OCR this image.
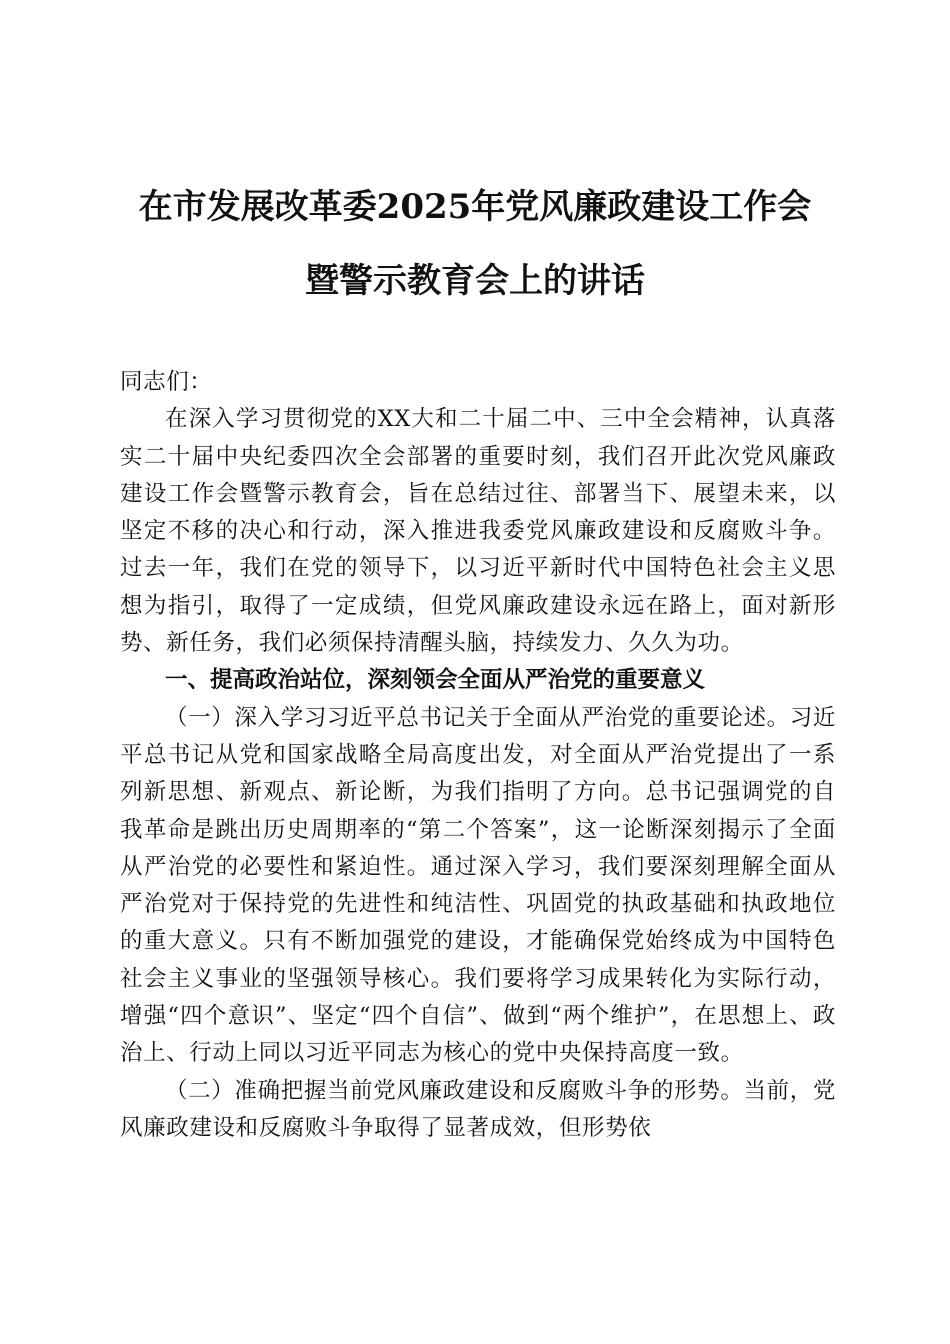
在市发展改革委2025年党风廉政建设工作会
暨警示教育会上的讲话

同志们：

在深入学习贯彻党的XX大和二十届二中、三中全会精神，认真落实二十届中央纪委四次全会部署的重要时刻，我们召开此次党风廉政建设工作会暨警示教育会，旨在总结过往、部署当下、展望未来，以坚定不移的决心和行动，深入推进我委党风廉政建设和反腐败斗争。过去一年，我们在党的领导下，以习近平新时代中国特色社会主义思想为指引，取得了一定成绩，但党风廉政建设永远在路上，面对新形势、新任务，我们必须保持清醒头脑，持续发力、久久为功。

一、提高政治站位，深刻领会全面从严治党的重要意义

（一）深入学习习近平总书记关于全面从严治党的重要论述。习近平总书记从党和国家战略全局高度出发，对全面从严治党提出了一系列新思想、新观点、新论断，为我们指明了方向。总书记强调党的自我革命是跳出历史周期率的“第二个答案”，这一论断深刻揭示了全面从严治党的必要性和紧迫性。通过深入学习，我们要深刻理解全面从严治党对于保持党的先进性和纯洁性、巩固党的执政基础和执政地位的重大意义。只有不断加强党的建设，才能确保党始终成为中国特色社会主义事业的坚强领导核心。我们要将学习成果转化为实际行动，增强“四个意识”、坚定“四个自信”、做到“两个维护”，在思想上、政治上、行动上同以习近平同志为核心的党中央保持高度一致。

（二）准确把握当前党风廉政建设和反腐败斗争的形势。当前，党风廉政建设和反腐败斗争取得了显著成效，但形势依
